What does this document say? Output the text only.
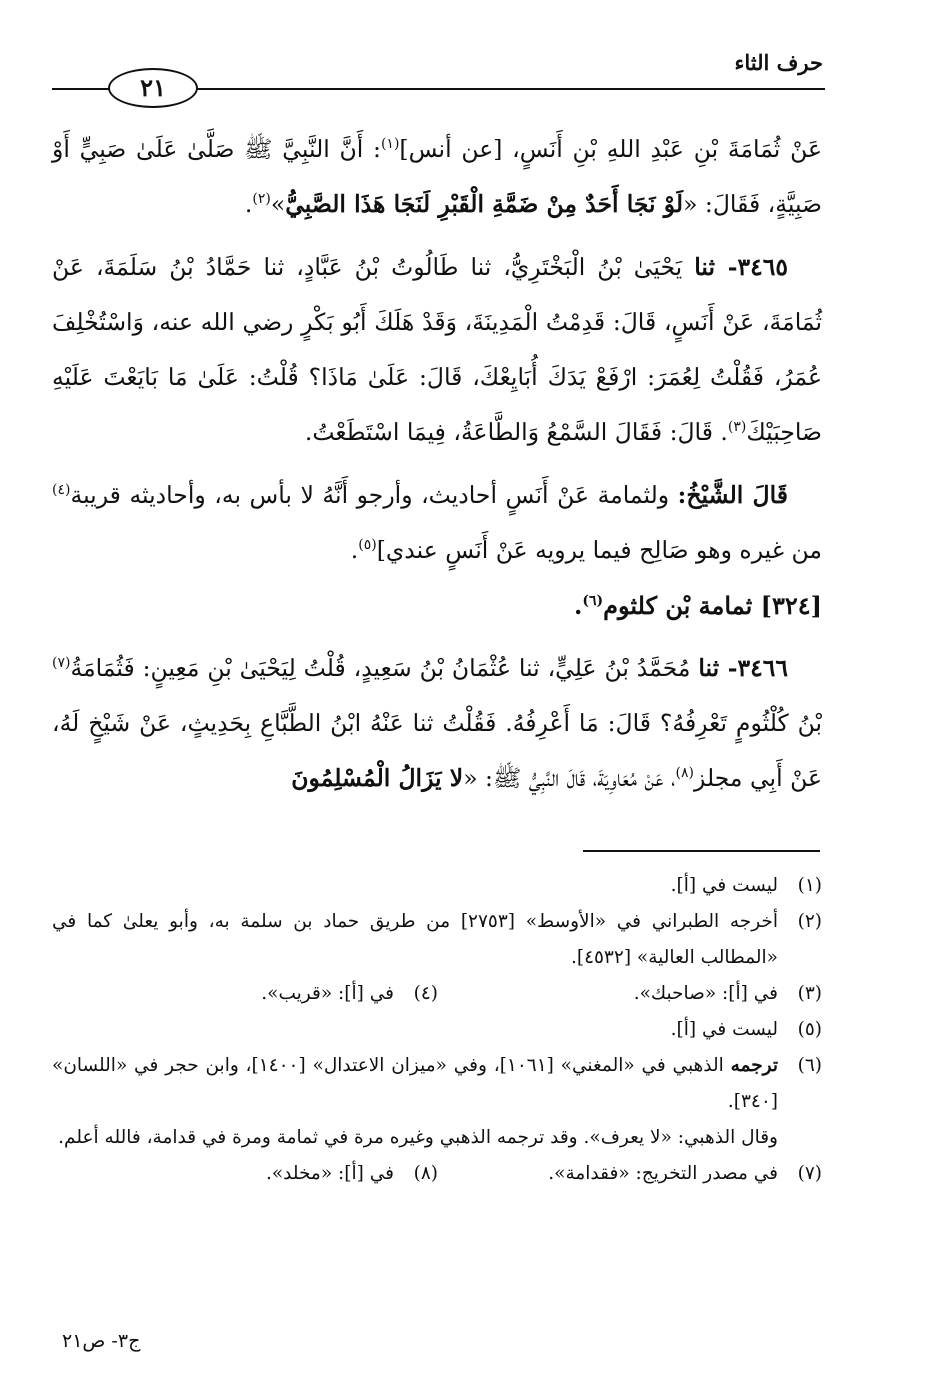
حرف الثاء
٢١

عَنْ ثُمَامَةَ بْنِ عَبْدِ اللهِ بْنِ أَنَسٍ، [عن أنس]$^{(١)}$: أَنَّ النَّبِيَّ ﷺ صَلَّىٰ عَلَىٰ صَبِيٍّ أَوْ صَبِيَّةٍ، فَقَالَ: «لَوْ نَجَا أَحَدٌ مِنْ ضَمَّةِ الْقَبْرِ لَنَجَا هَذَا الصَّبِيُّ»$^{(٢)}$.

٣٤٦٥- ثنا يَحْيَىٰ بْنُ الْبَخْتَرِيُّ، ثنا طَالُوتُ بْنُ عَبَّادٍ، ثنا حَمَّادُ بْنُ سَلَمَةَ، عَنْ ثُمَامَةَ، عَنْ أَنَسٍ، قَالَ: قَدِمْتُ الْمَدِينَةَ، وَقَدْ هَلَكَ أَبُو بَكْرٍ رضي الله عنه، وَاسْتُخْلِفَ عُمَرُ، فَقُلْتُ لِعُمَرَ: ارْفَعْ يَدَكَ أُبَايِعْكَ، قَالَ: عَلَىٰ مَاذَا؟ قُلْتُ: عَلَىٰ مَا بَايَعْتَ عَلَيْهِ صَاحِبَيْكَ$^{(٣)}$. قَالَ: فَقَالَ السَّمْعُ وَالطَّاعَةُ، فِيمَا اسْتَطَعْتُ.

قَالَ الشَّيْخُ: ولثمامة عَنْ أَنَسٍ أحاديث، وأرجو أَنَّهُ لا بأس به، وأحاديثه قريبة$^{(٤)}$ من غيره وهو صَالِح فيما يرويه عَنْ أَنَسٍ عندي]$^{(٥)}$.

[٣٢٤] ثمامة بْن كلثوم$^{(٦)}$.

٣٤٦٦- ثنا مُحَمَّدُ بْنُ عَلِيٍّ، ثنا عُثْمَانُ بْنُ سَعِيدٍ، قُلْتُ لِيَحْيَىٰ بْنِ مَعِينٍ: فَثُمَامَةُ$^{(٧)}$ بْنُ كُلْثُومٍ تَعْرِفُهُ؟ قَالَ: مَا أَعْرِفُهُ. فَقُلْتُ ثنا عَنْهُ ابْنُ الطَّبَّاعِ بِحَدِيثٍ، عَنْ شَيْخٍ لَهُ، عَنْ أَبِي مجلز$^{(٨)}$، عَنْ مُعَاوِيَةَ، قَالَ النَّبِيُّ ﷺ: «لا يَزَالُ الْمُسْلِمُونَ

(١)
ليست في [أ].

(٢)
أخرجه الطبراني في «الأوسط» [٢٧٥٣] من طريق حماد بن سلمة به، وأبو يعلىٰ كما في «المطالب العالية» [٤٥٣٢].

(٣)
في [أ]: «صاحبك».

(٤)
في [أ]: «قريب».

(٥)
ليست في [أ].

(٦)
ترجمه الذهبي في «المغني» [١٠٦١]، وفي «ميزان الاعتدال» [١٤٠٠]، وابن حجر في «اللسان» [٣٤٠].

وقال الذهبي: «لا يعرف». وقد ترجمه الذهبي وغيره مرة في ثمامة ومرة في قدامة، فالله أعلم.

(٧)
في مصدر التخريج: «فقدامة».

(٨)
في [أ]: «مخلد».

ج٣- ص٢١
